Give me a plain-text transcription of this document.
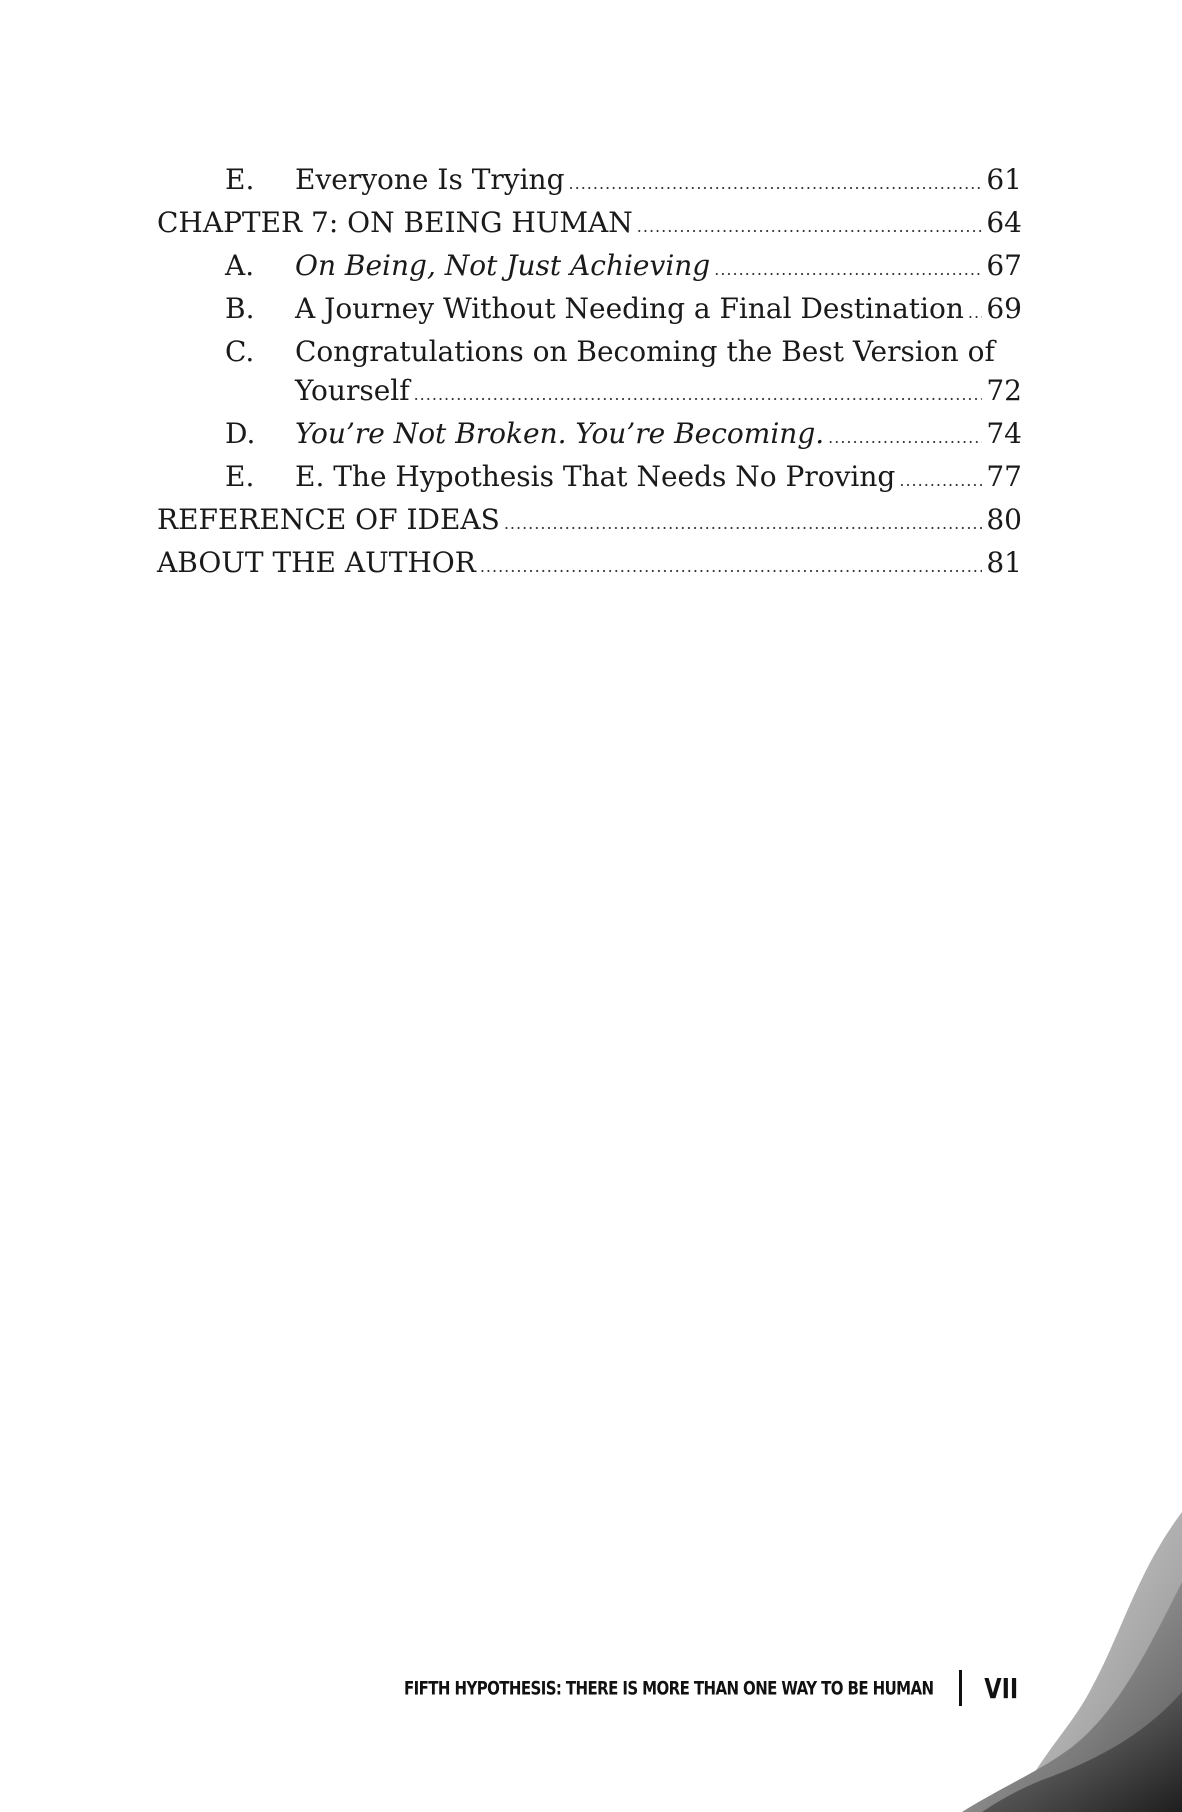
E.	Everyone Is Trying .....	61
CHAPTER 7: ON BEING HUMAN .....	64
A.	On Being, Not Just Achieving .....	67
B.	A Journey Without Needing a Final Destination ..... 69
C.	Congratulations on Becoming the Best Version of
Yourself .....	72
D.	You’re Not Broken. You’re Becoming. .....	74
E.	E. The Hypothesis That Needs No Proving .....	77
REFERENCE OF IDEAS .....	80
ABOUT THE AUTHOR .....	81
FIFTH HYPOTHESIS: THERE IS MORE THAN ONE WAY TO BE HUMAN VII
